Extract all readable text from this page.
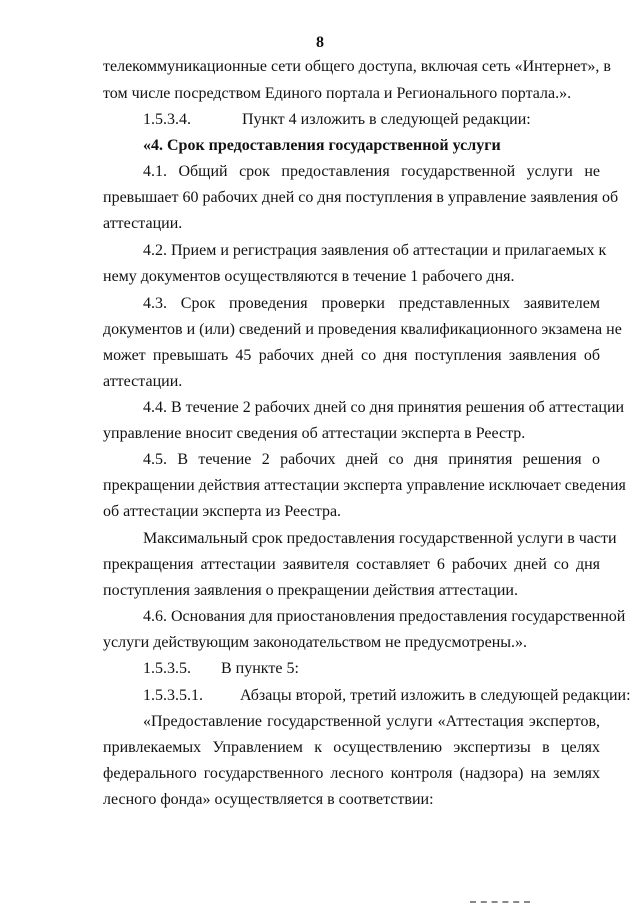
8
телекоммуникационные сети общего доступа, включая сеть «Интернет», в
том числе посредством Единого портала и Регионального портала.».
1.5.3.4.	Пункт 4 изложить в следующей редакции:
«4. Срок предоставления государственной услуги
4.1. Общий срок предоставления государственной услуги не
превышает 60 рабочих дней со дня поступления в управление заявления об
аттестации.
4.2. Прием и регистрация заявления об аттестации и прилагаемых к
нему документов осуществляются в течение 1 рабочего дня.
4.3. Срок проведения проверки представленных заявителем
документов и (или) сведений и проведения квалификационного экзамена не
может превышать 45 рабочих дней со дня поступления заявления об
аттестации.
4.4. В течение 2 рабочих дней со дня принятия решения об аттестации
управление вносит сведения об аттестации эксперта в Реестр.
4.5. В течение 2 рабочих дней со дня принятия решения о
прекращении действия аттестации эксперта управление исключает сведения
об аттестации эксперта из Реестра.
Максимальный срок предоставления государственной услуги в части
прекращения аттестации заявителя составляет 6 рабочих дней со дня
поступления заявления о прекращении действия аттестации.
4.6. Основания для приостановления предоставления государственной
услуги действующим законодательством не предусмотрены.».
1.5.3.5.	В пункте 5:
1.5.3.5.1.	Абзацы второй, третий изложить в следующей редакции:
«Предоставление государственной услуги «Аттестация экспертов,
привлекаемых Управлением к осуществлению экспертизы в целях
федерального государственного лесного контроля (надзора) на землях
лесного фонда» осуществляется в соответствии:
